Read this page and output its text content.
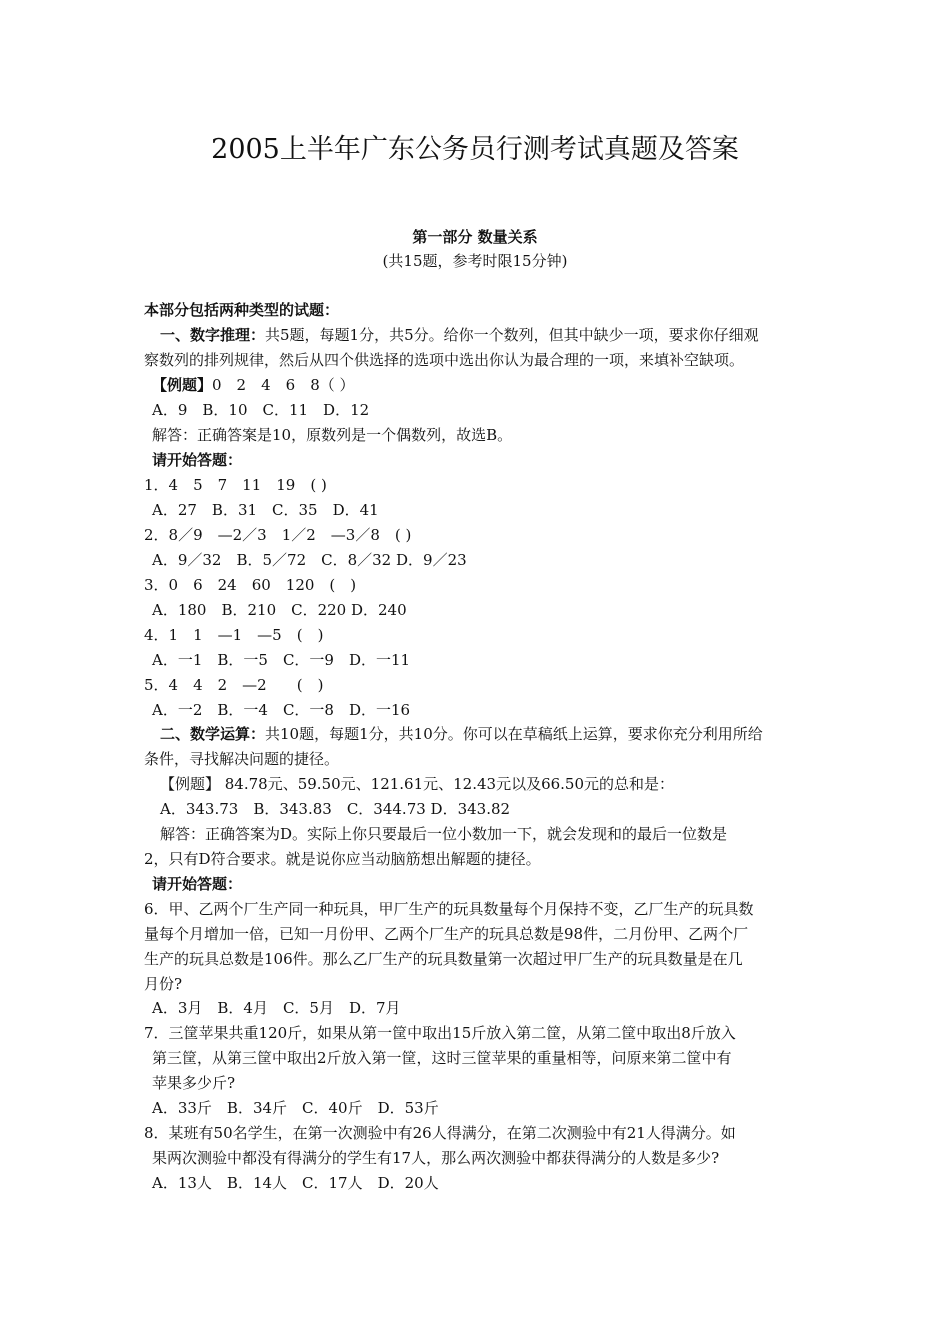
2005上半年广东公务员行测考试真题及答案
第一部分 数量关系
(共15题，参考时限15分钟)
本部分包括两种类型的试题：
一、数字推理：共5题，每题1分，共5分。给你一个数列，但其中缺少一项，要求你仔细观
察数列的排列规律，然后从四个供选择的选项中选出你认为最合理的一项，来填补空缺项。
【例题】0　2　4　6　8（ ）
A．9　B．10　C．11　D．12
解答：正确答案是10，原数列是一个偶数列，故选B。
请开始答题：
1．4　5　7　11　19　( )
A．27　B．31　C．35　D．41
2．8／9　—2／3　1／2　—3／8　( )
A．9／32　B．5／72　C．8／32 D．9／23
3．0　6　24　60　120　(　)
A．180　B．210　C．220 D．240
4．1　1　—1　—5　(　)
A．一1　B．一5　C．一9　D．一11
5．4　4　2　—2　　(　)
A．一2　B．一4　C．一8　D．一16
二、数学运算：共10题，每题1分，共10分。你可以在草稿纸上运算，要求你充分利用所给
条件，寻找解决问题的捷径。
【例题】 84.78元、59.50元、121.61元、12.43元以及66.50元的总和是：
A．343.73　B．343.83　C．344.73 D．343.82
解答：正确答案为D。实际上你只要最后一位小数加一下，就会发现和的最后一位数是
2，只有D符合要求。就是说你应当动脑筋想出解题的捷径。
请开始答题：
6．甲、乙两个厂生产同一种玩具，甲厂生产的玩具数量每个月保持不变，乙厂生产的玩具数
量每个月增加一倍，已知一月份甲、乙两个厂生产的玩具总数是98件，二月份甲、乙两个厂
生产的玩具总数是106件。那么乙厂生产的玩具数量第一次超过甲厂生产的玩具数量是在几
月份?
A．3月　B．4月　C．5月　D．7月
7．三筐苹果共重120斤，如果从第一筐中取出15斤放入第二筐，从第二筐中取出8斤放入
第三筐，从第三筐中取出2斤放入第一筐，这时三筐苹果的重量相等，问原来第二筐中有
苹果多少斤?
A．33斤　B．34斤　C．40斤　D．53斤
8．某班有50名学生，在第一次测验中有26人得满分，在第二次测验中有21人得满分。如
果两次测验中都没有得满分的学生有17人，那么两次测验中都获得满分的人数是多少?
A．13人　B．14人　C．17人　D．20人
